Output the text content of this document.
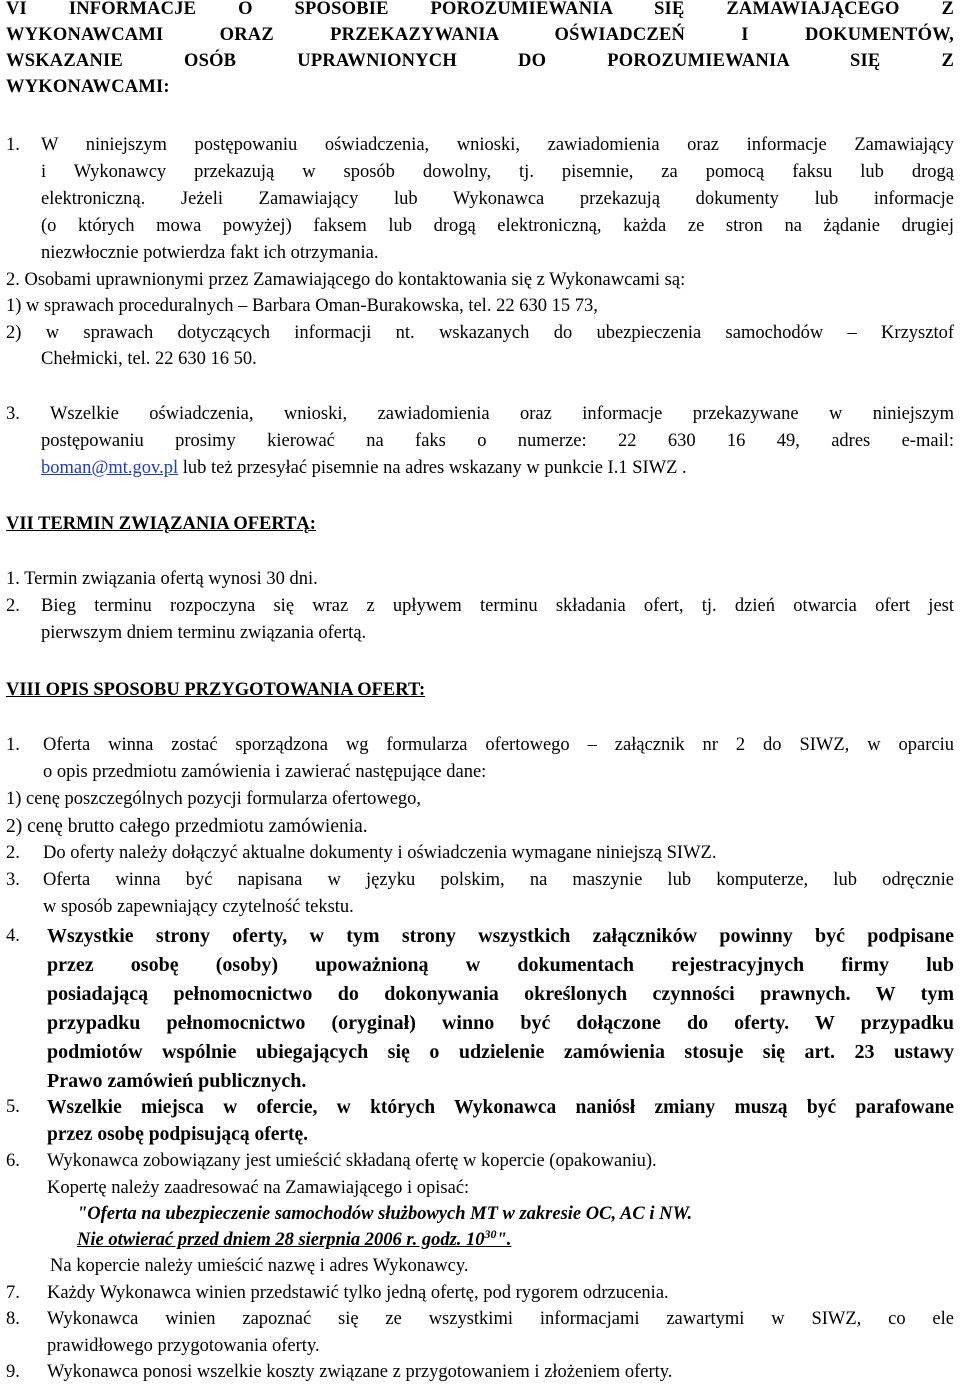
VI INFORMACJE O SPOSOBIE POROZUMIEWANIA SIĘ ZAMAWIAJĄCEGO Z
WYKONAWCAMI ORAZ PRZEKAZYWANIA OŚWIADCZEŃ I DOKUMENTÓW,
WSKAZANIE OSÓB UPRAWNIONYCH DO POROZUMIEWANIA SIĘ Z
WYKONAWCAMI:
1. W niniejszym postępowaniu oświadczenia, wnioski, zawiadomienia oraz informacje Zamawiający
i Wykonawcy przekazują w sposób dowolny, tj. pisemnie, za pomocą faksu lub drogą
elektroniczną. Jeżeli Zamawiający lub Wykonawca przekazują dokumenty lub informacje
(o których mowa powyżej) faksem lub drogą elektroniczną, każda ze stron na żądanie drugiej
niezwłocznie potwierdza fakt ich otrzymania.
2. Osobami uprawnionymi przez Zamawiającego do kontaktowania się z Wykonawcami są:
1) w sprawach proceduralnych – Barbara Oman-Burakowska, tel. 22 630 15 73,
2) w sprawach dotyczących informacji nt. wskazanych do ubezpieczenia samochodów – Krzysztof
Chełmicki, tel. 22 630 16 50.
3. Wszelkie oświadczenia, wnioski, zawiadomienia oraz informacje przekazywane w niniejszym
postępowaniu prosimy kierować na faks o numerze: 22 630 16 49, adres e-mail:
boman@mt.gov.pl lub też przesyłać pisemnie na adres wskazany w punkcie I.1 SIWZ .
VII TERMIN ZWIĄZANIA OFERTĄ:
1. Termin związania ofertą wynosi 30 dni.
2. Bieg terminu rozpoczyna się wraz z upływem terminu składania ofert, tj. dzień otwarcia ofert jest
pierwszym dniem terminu związania ofertą.
VIII OPIS SPOSOBU PRZYGOTOWANIA OFERT:
1. Oferta winna zostać sporządzona wg formularza ofertowego – załącznik nr 2 do SIWZ, w oparciu
o opis przedmiotu zamówienia i zawierać następujące dane:
1) cenę poszczególnych pozycji formularza ofertowego,
2) cenę brutto całego przedmiotu zamówienia.
2. Do oferty należy dołączyć aktualne dokumenty i oświadczenia wymagane niniejszą SIWZ.
3. Oferta winna być napisana w języku polskim, na maszynie lub komputerze, lub odręcznie
w sposób zapewniający czytelność tekstu.
4. Wszystkie strony oferty, w tym strony wszystkich załączników powinny być podpisane
przez osobę (osoby) upoważnioną w dokumentach rejestracyjnych firmy lub
posiadającą pełnomocnictwo do dokonywania określonych czynności prawnych. W tym
przypadku pełnomocnictwo (oryginał) winno być dołączone do oferty. W przypadku
podmiotów wspólnie ubiegających się o udzielenie zamówienia stosuje się art. 23 ustawy
Prawo zamówień publicznych.
5. Wszelkie miejsca w ofercie, w których Wykonawca naniósł zmiany muszą być parafowane
przez osobę podpisującą ofertę.
6. Wykonawca zobowiązany jest umieścić składaną ofertę w kopercie (opakowaniu).
Kopertę należy zaadresować na Zamawiającego i opisać:
"Oferta na ubezpieczenie samochodów służbowych MT w zakresie OC, AC i NW.
Nie otwierać przed dniem 28 sierpnia 2006 r. godz. $10^{30}$".
Na kopercie należy umieścić nazwę i adres Wykonawcy.
7. Każdy Wykonawca winien przedstawić tylko jedną ofertę, pod rygorem odrzucenia.
8. Wykonawca winien zapoznać się ze wszystkimi informacjami zawartymi w SIWZ, co ele
prawidłowego przygotowania oferty.
9. Wykonawca ponosi wszelkie koszty związane z przygotowaniem i złożeniem oferty.
